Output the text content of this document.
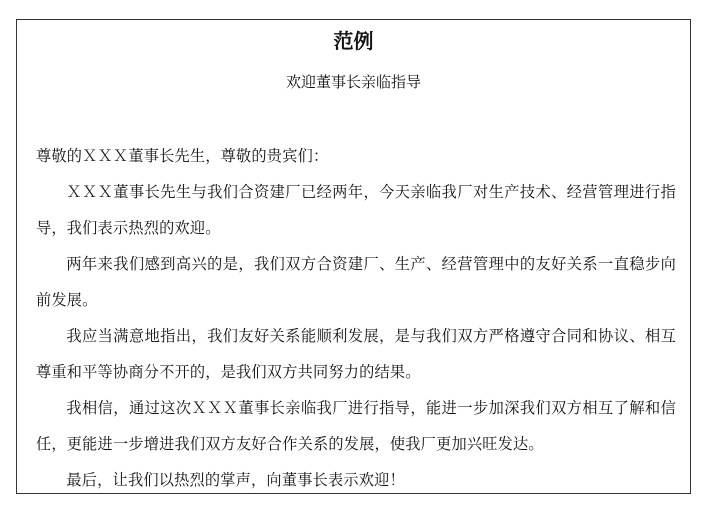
范例
欢迎董事长亲临指导

尊敬的ＸＸＸ董事长先生，尊敬的贵宾们：

ＸＸＸ董事长先生与我们合资建厂已经两年，今天亲临我厂对生产技术、经营管理进行指导，我们表示热烈的欢迎。

两年来我们感到高兴的是，我们双方合资建厂、生产、经营管理中的友好关系一直稳步向前发展。

我应当满意地指出，我们友好关系能顺利发展，是与我们双方严格遵守合同和协议、相互尊重和平等协商分不开的，是我们双方共同努力的结果。

我相信，通过这次ＸＸＸ董事长亲临我厂进行指导，能进一步加深我们双方相互了解和信任，更能进一步增进我们双方友好合作关系的发展，使我厂更加兴旺发达。

最后，让我们以热烈的掌声，向董事长表示欢迎！
